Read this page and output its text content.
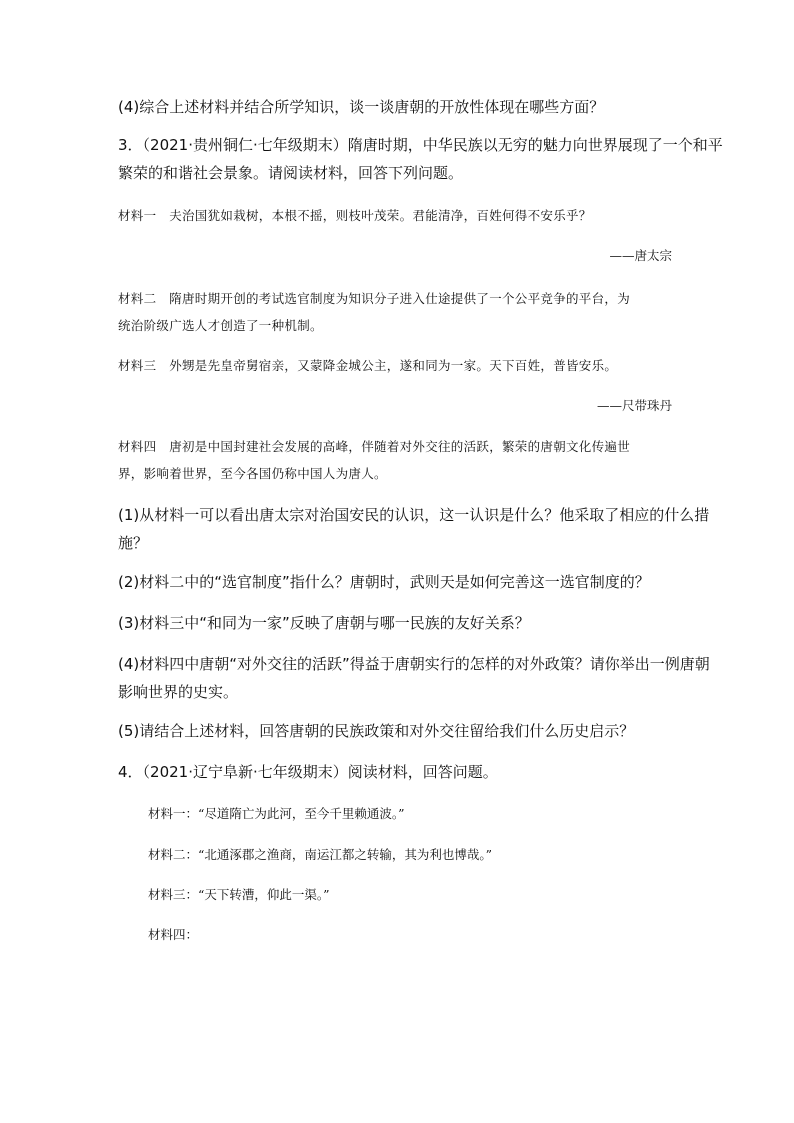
(4)综合上述材料并结合所学知识，谈一谈唐朝的开放性体现在哪些方面？
3．（2021·贵州铜仁·七年级期末）隋唐时期，中华民族以无穷的魅力向世界展现了一个和平
繁荣的和谐社会景象。请阅读材料，回答下列问题。
材料一　夫治国犹如栽树，本根不摇，则枝叶茂荣。君能清净，百姓何得不安乐乎？
——唐太宗
材料二　隋唐时期开创的考试选官制度为知识分子进入仕途提供了一个公平竞争的平台，为
统治阶级广选人才创造了一种机制。
材料三　外甥是先皇帝舅宿亲，又蒙降金城公主，遂和同为一家。天下百姓，普皆安乐。
——尺带珠丹
材料四　唐初是中国封建社会发展的高峰，伴随着对外交往的活跃，繁荣的唐朝文化传遍世
界，影响着世界，至今各国仍称中国人为唐人。
(1)从材料一可以看出唐太宗对治国安民的认识，这一认识是什么？他采取了相应的什么措
施？
(2)材料二中的“选官制度”指什么？唐朝时，武则天是如何完善这一选官制度的？
(3)材料三中“和同为一家”反映了唐朝与哪一民族的友好关系？
(4)材料四中唐朝“对外交往的活跃”得益于唐朝实行的怎样的对外政策？请你举出一例唐朝
影响世界的史实。
(5)请结合上述材料，回答唐朝的民族政策和对外交往留给我们什么历史启示？
4．（2021·辽宁阜新·七年级期末）阅读材料，回答问题。
材料一：“尽道隋亡为此河，至今千里赖通波。”
材料二：“北通涿郡之渔商，南运江都之转输，其为利也博哉。”
材料三：“天下转漕，仰此一渠。”
材料四：
